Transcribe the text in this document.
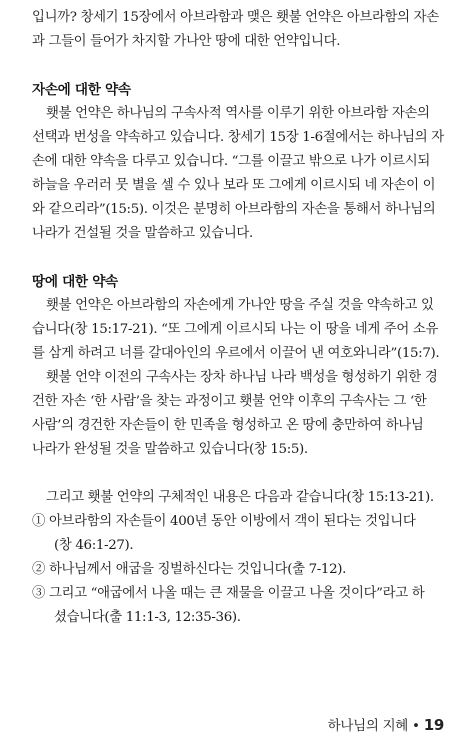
입니까? 창세기 15장에서 아브라함과 맺은 횃불 언약은 아브라함의 자손
과 그들이 들어가 차지할 가나안 땅에 대한 언약입니다.
자손에 대한 약속
횃불 언약은 하나님의 구속사적 역사를 이루기 위한 아브라함 자손의
선택과 번성을 약속하고 있습니다. 창세기 15장 1-6절에서는 하나님의 자
손에 대한 약속을 다루고 있습니다. “그를 이끌고 밖으로 나가 이르시되
하늘을 우러러 뭇 별을 셀 수 있나 보라 또 그에게 이르시되 네 자손이 이
와 같으리라”(15:5). 이것은 분명히 아브라함의 자손을 통해서 하나님의
나라가 건설될 것을 말씀하고 있습니다.
땅에 대한 약속
횃불 언약은 아브라함의 자손에게 가나안 땅을 주실 것을 약속하고 있
습니다(창 15:17-21). “또 그에게 이르시되 나는 이 땅을 네게 주어 소유
를 삼게 하려고 너를 갈대아인의 우르에서 이끌어 낸 여호와니라”(15:7).
횃불 언약 이전의 구속사는 장차 하나님 나라 백성을 형성하기 위한 경
건한 자손 ‘한 사람’을 찾는 과정이고 횃불 언약 이후의 구속사는 그 ‘한
사람’의 경건한 자손들이 한 민족을 형성하고 온 땅에 충만하여 하나님
나라가 완성될 것을 말씀하고 있습니다(창 15:5).
그리고 횃불 언약의 구체적인 내용은 다음과 같습니다(창 15:13-21).
① 아브라함의 자손들이 400년 동안 이방에서 객이 된다는 것입니다
(창 46:1-27).
② 하나님께서 애굽을 징벌하신다는 것입니다(출 7-12).
③ 그리고 “애굽에서 나올 때는 큰 재물을 이끌고 나올 것이다”라고 하
셨습니다(출 11:1-3, 12:35-36).
하나님의 지혜 • 19
